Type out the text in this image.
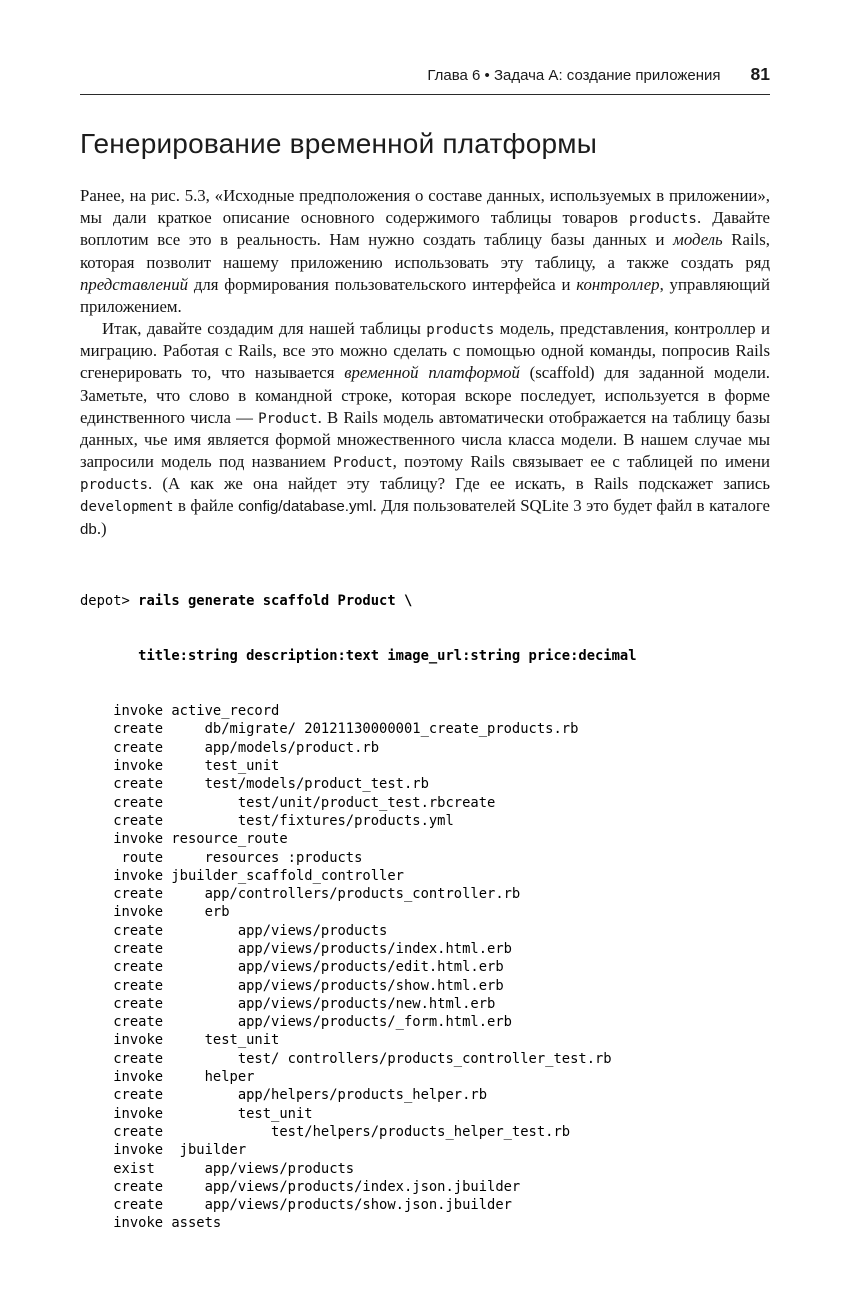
Глава 6 • Задача А: создание приложения 81
Генерирование временной платформы

Ранее, на рис. 5.3, «Исходные предположения о составе данных, используемых в приложении», мы дали краткое описание основного содержимого таблицы товаров products. Давайте воплотим все это в реальность. Нам нужно создать таблицу базы данных и модель Rails, которая позволит нашему приложению использовать эту таблицу, а также создать ряд представлений для формирования пользовательского интерфейса и контроллер, управляющий приложением.

Итак, давайте создадим для нашей таблицы products модель, представления, контроллер и миграцию. Работая с Rails, все это можно сделать с помощью одной команды, попросив Rails сгенерировать то, что называется временной платформой (scaffold) для заданной модели. Заметьте, что слово в командной строке, которая вскоре последует, используется в форме единственного числа — Product. В Rails модель автоматически отображается на таблицу базы данных, чье имя является формой множественного числа класса модели. В нашем случае мы запросили модель под названием Product, поэтому Rails связывает ее с таблицей по имени products. (А как же она найдет эту таблицу? Где ее искать, в Rails подскажет запись development в файле config/database.yml. Для пользователей SQLite 3 это будет файл в каталоге db.)

depot> rails generate scaffold Product \

title:string description:text image_url:string price:decimal

invoke active_record
create     db/migrate/ 20121130000001_create_products.rb
create     app/models/product.rb
invoke     test_unit
create     test/models/product_test.rb
create         test/unit/product_test.rbcreate
create         test/fixtures/products.yml
invoke resource_route
route     resources :products
invoke jbuilder_scaffold_controller
create     app/controllers/products_controller.rb
invoke     erb
create         app/views/products
create         app/views/products/index.html.erb
create         app/views/products/edit.html.erb
create         app/views/products/show.html.erb
create         app/views/products/new.html.erb
create         app/views/products/_form.html.erb
invoke     test_unit
create         test/ controllers/products_controller_test.rb
invoke     helper
create         app/helpers/products_helper.rb
invoke         test_unit
create             test/helpers/products_helper_test.rb
invoke  jbuilder
exist      app/views/products
create     app/views/products/index.json.jbuilder
create     app/views/products/show.json.jbuilder
invoke assets
